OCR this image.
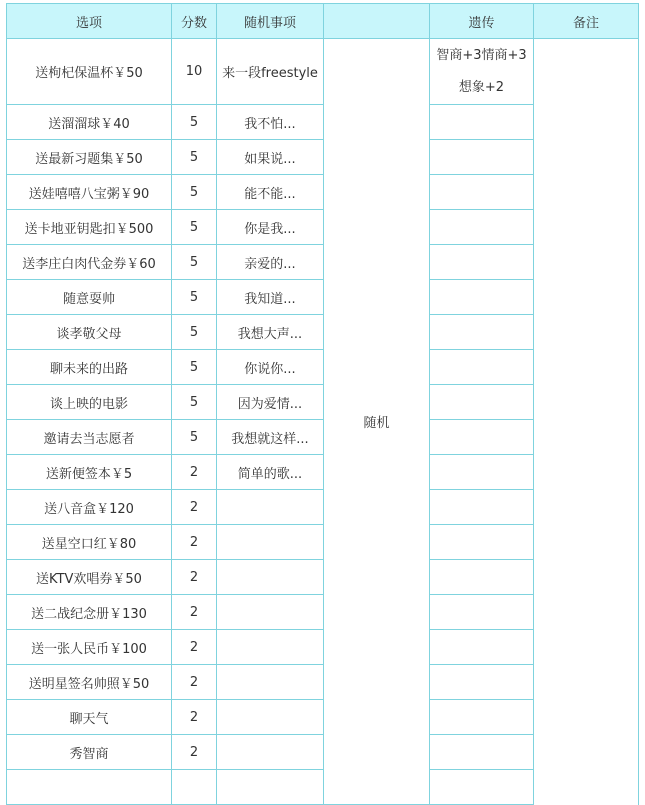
选项	分数	随机事项		遗传	备注
送枸杞保温杯￥50	10	来一段freestyle	随机	智商+3情商+3
想象+2	

送溜溜球￥40	5	我不怕...			
送最新习题集￥50	5	如果说...			
送娃嘻嘻八宝粥￥90	5	能不能...			
送卡地亚钥匙扣￥500	5	你是我...			
送李庄白肉代金券￥60	5	亲爱的...			
随意耍帅	5	我知道...			
谈孝敬父母	5	我想大声...			
聊未来的出路	5	你说你...			
谈上映的电影	5	因为爱情...			
邀请去当志愿者	5	我想就这样...			
送新便签本￥5	2	简单的歌...			
送八音盒￥120	2				
送星空口红￥80	2				
送KTV欢唱券￥50	2				
送二战纪念册￥130	2				
送一张人民币￥100	2				
送明星签名帅照￥50	2				
聊天气	2				
秀智商	2				
